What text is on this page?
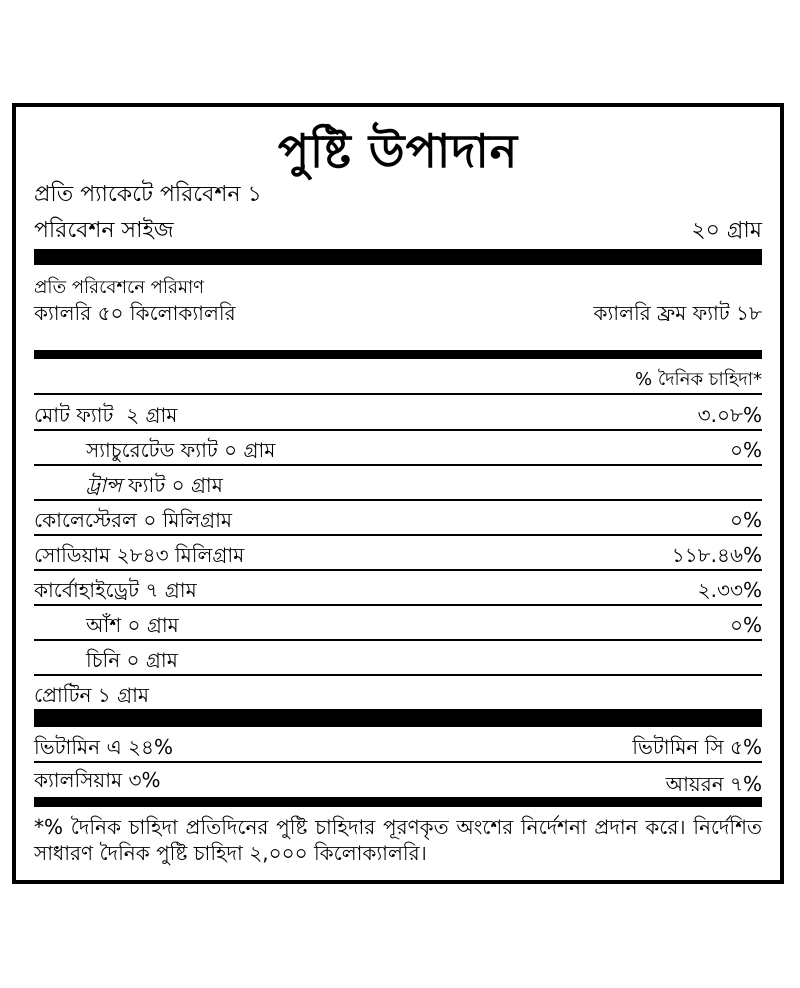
পুষ্টি উপাদান
প্রতি প্যাকেটে পরিবেশন ১
পরিবেশন সাইজ	২০ গ্রাম
প্রতি পরিবেশনে পরিমাণ
ক্যালরি ৫০ কিলোক্যালরি	ক্যালরি ফ্রম ফ্যাট ১৮
% দৈনিক চাহিদা*
মোট ফ্যাট ২ গ্রাম	৩.০৮%
স্যাচুরেটেড ফ্যাট ০ গ্রাম	০%
ট্রান্স ফ্যাট ০ গ্রাম
কোলেস্টেরল ০ মিলিগ্রাম	০%
সোডিয়াম ২৮৪৩ মিলিগ্রাম	১১৮.৪৬%
কার্বোহাইড্রেট ৭ গ্রাম	২.৩৩%
আঁশ ০ গ্রাম	০%
চিনি ০ গ্রাম
প্রোটিন ১ গ্রাম
ভিটামিন এ ২৪%	ভিটামিন সি ৫%
ক্যালসিয়াম ৩%	আয়রন ৭%
*% দৈনিক চাহিদা প্রতিদিনের পুষ্টি চাহিদার পূরণকৃত অংশের নির্দেশনা প্রদান করে। নির্দেশিত সাধারণ দৈনিক পুষ্টি চাহিদা ২,০০০ কিলোক্যালরি।
